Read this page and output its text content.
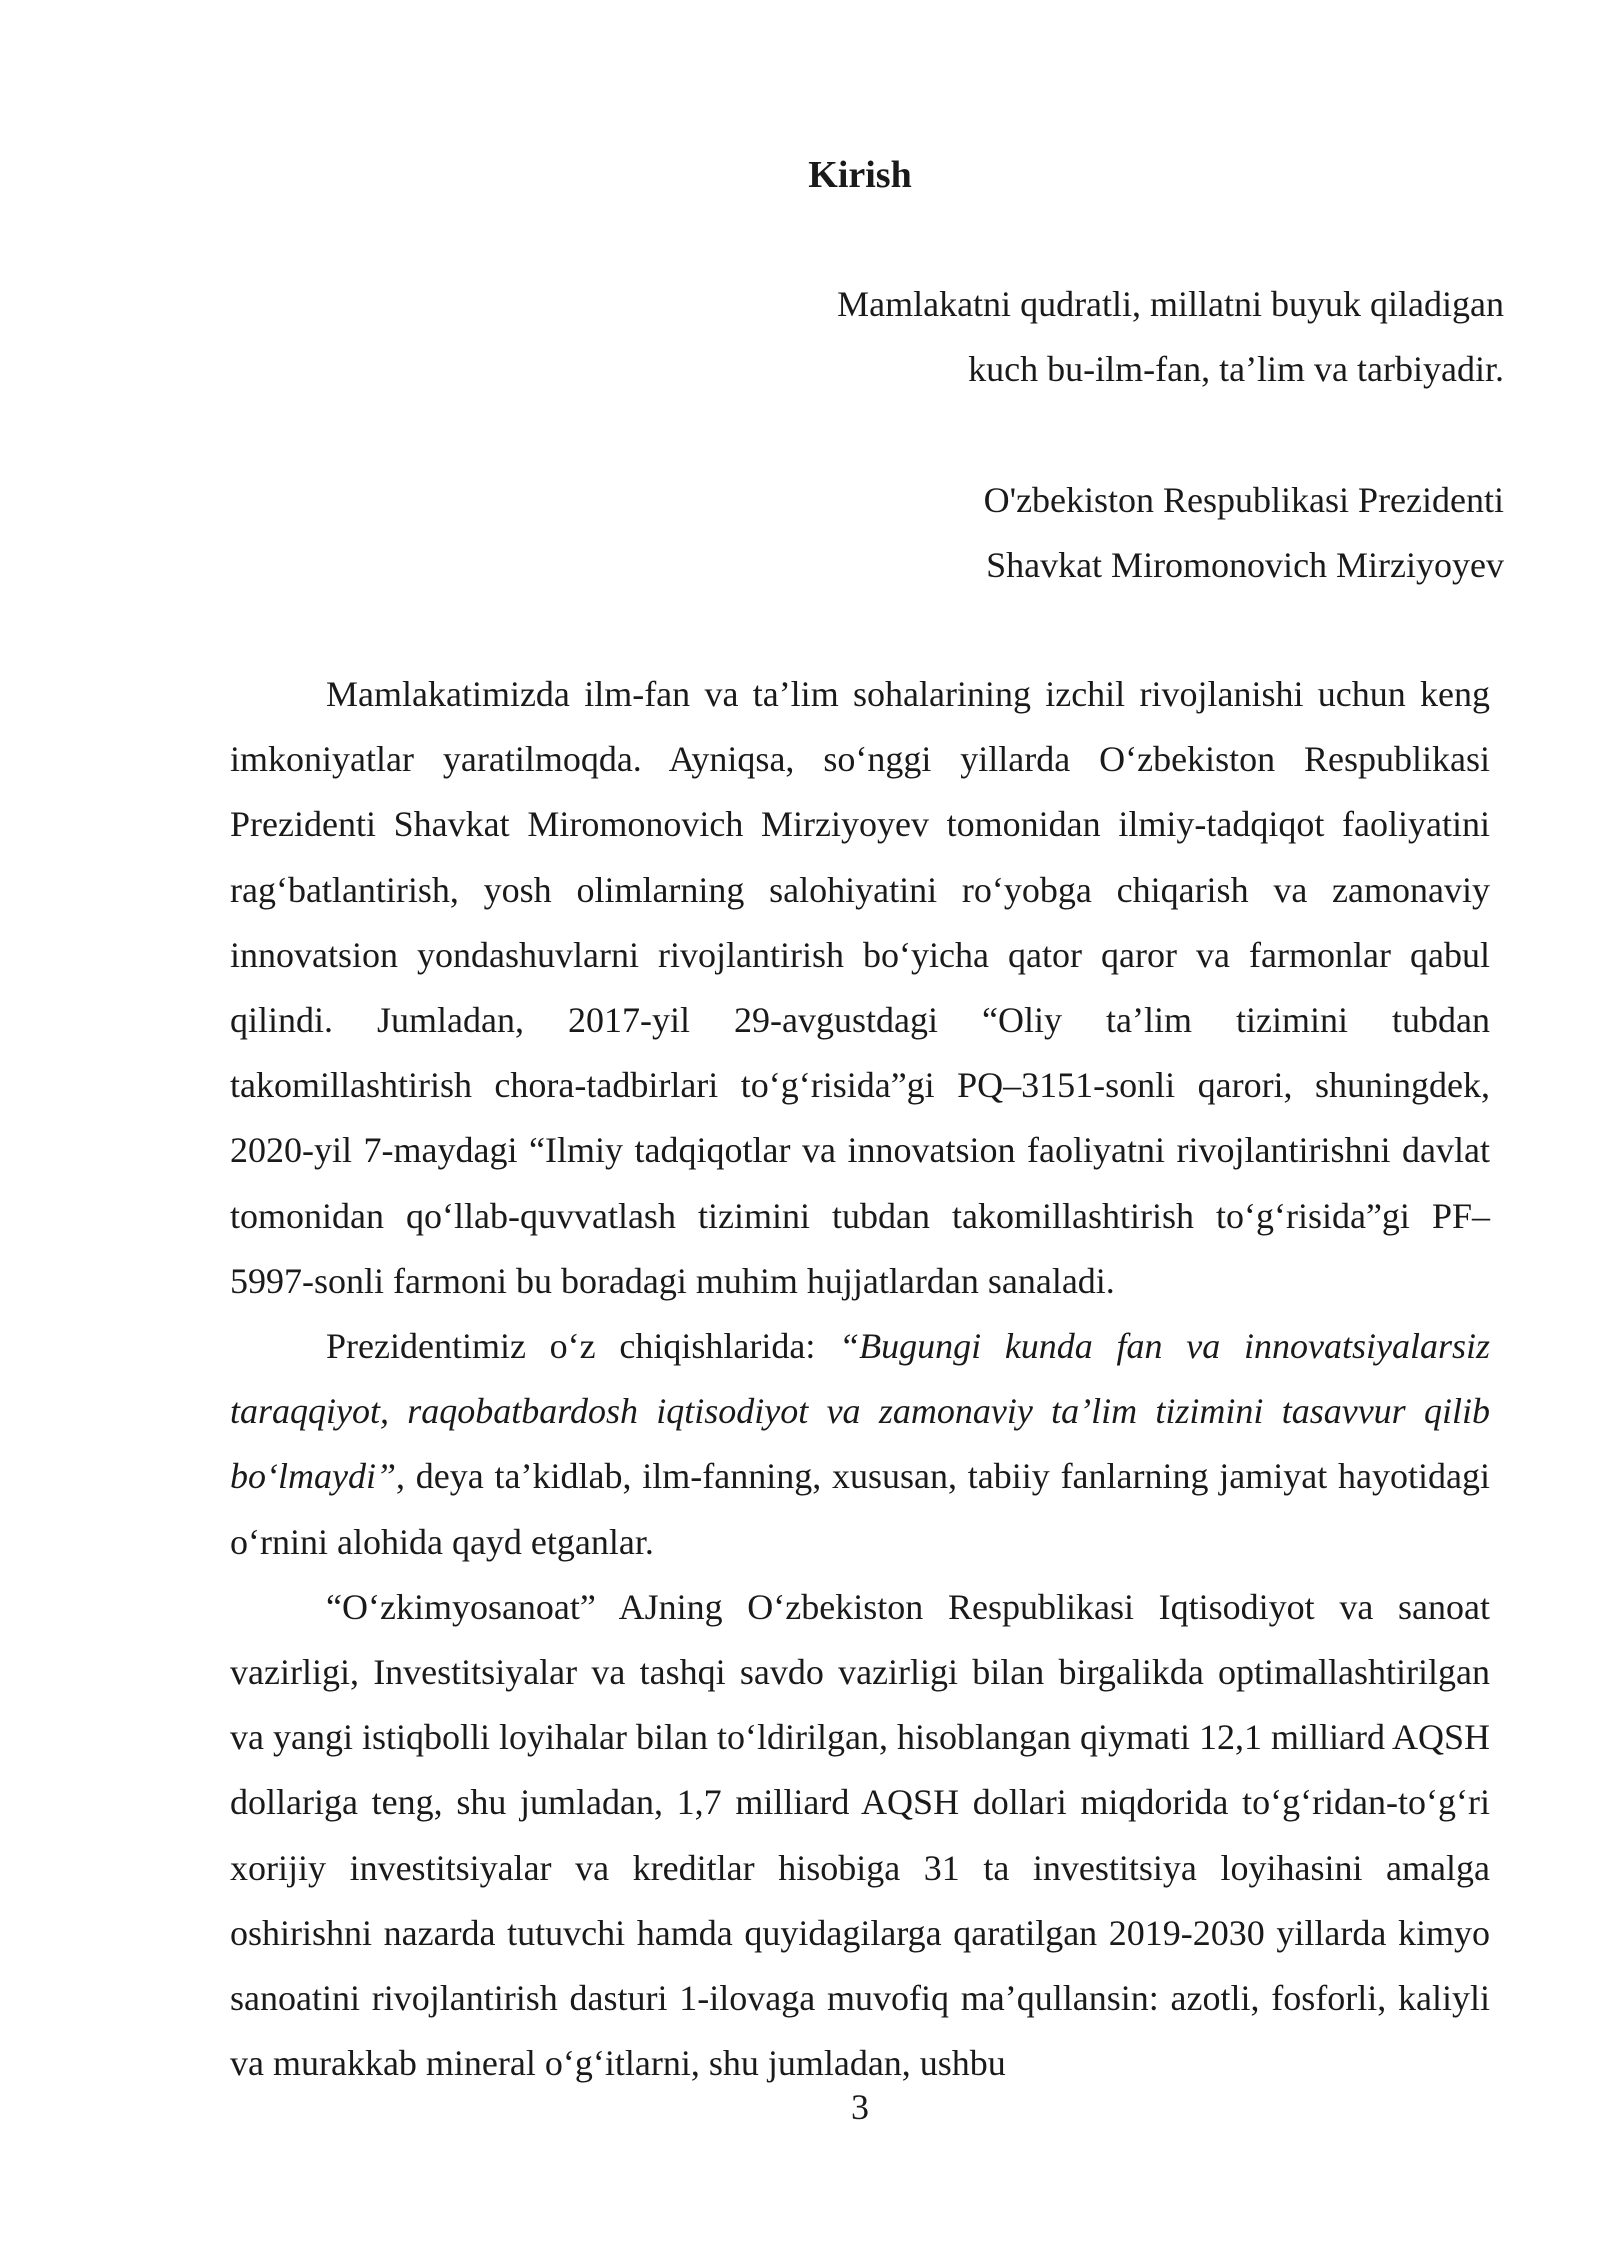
Kirish
Mamlakatni qudratli, millatni buyuk qiladigan
kuch bu-ilm-fan, ta’lim va tarbiyadir.
O'zbekiston Respublikasi Prezidenti
Shavkat Miromonovich Mirziyoyev

Mamlakatimizda ilm-fan va ta’lim sohalarining izchil rivojlanishi uchun keng imkoniyatlar yaratilmoqda. Ayniqsa, so‘nggi yillarda O‘zbekiston Respublikasi Prezidenti Shavkat Miromonovich Mirziyoyev tomonidan ilmiy-tadqiqot faoliyatini rag‘batlantirish, yosh olimlarning salohiyatini ro‘yobga chiqarish va zamonaviy innovatsion yondashuvlarni rivojlantirish bo‘yicha qator qaror va farmonlar qabul qilindi. Jumladan, 2017-yil 29-avgustdagi “Oliy ta’lim tizimini tubdan takomillashtirish chora-tadbirlari to‘g‘risida”gi PQ–3151-sonli qarori, shuningdek, 2020-yil 7-maydagi “Ilmiy tadqiqotlar va innovatsion faoliyatni rivojlantirishni davlat tomonidan qo‘llab-quvvatlash tizimini tubdan takomillashtirish to‘g‘risida”gi PF–5997-sonli farmoni bu boradagi muhim hujjatlardan sanaladi.

Prezidentimiz o‘z chiqishlarida: “Bugungi kunda fan va innovatsiyalarsiz taraqqiyot, raqobatbardosh iqtisodiyot va zamonaviy ta’lim tizimini tasavvur qilib bo‘lmaydi”, deya ta’kidlab, ilm-fanning, xususan, tabiiy fanlarning jamiyat hayotidagi o‘rnini alohida qayd etganlar.

“O‘zkimyosanoat” AJning O‘zbekiston Respublikasi Iqtisodiyot va sanoat vazirligi, Investitsiyalar va tashqi savdo vazirligi bilan birgalikda optimallashtirilgan va yangi istiqbolli loyihalar bilan to‘ldirilgan, hisoblangan qiymati 12,1 milliard AQSH dollariga teng, shu jumladan, 1,7 milliard AQSH dollari miqdorida to‘g‘ridan-to‘g‘ri xorijiy investitsiyalar va kreditlar hisobiga 31 ta investitsiya loyihasini amalga oshirishni nazarda tutuvchi hamda quyidagilarga qaratilgan 2019-2030 yillarda kimyo sanoatini rivojlantirish dasturi 1-ilovaga muvofiq ma’qullansin: azotli, fosforli, kaliyli va murakkab mineral o‘g‘itlarni, shu jumladan, ushbu

3
